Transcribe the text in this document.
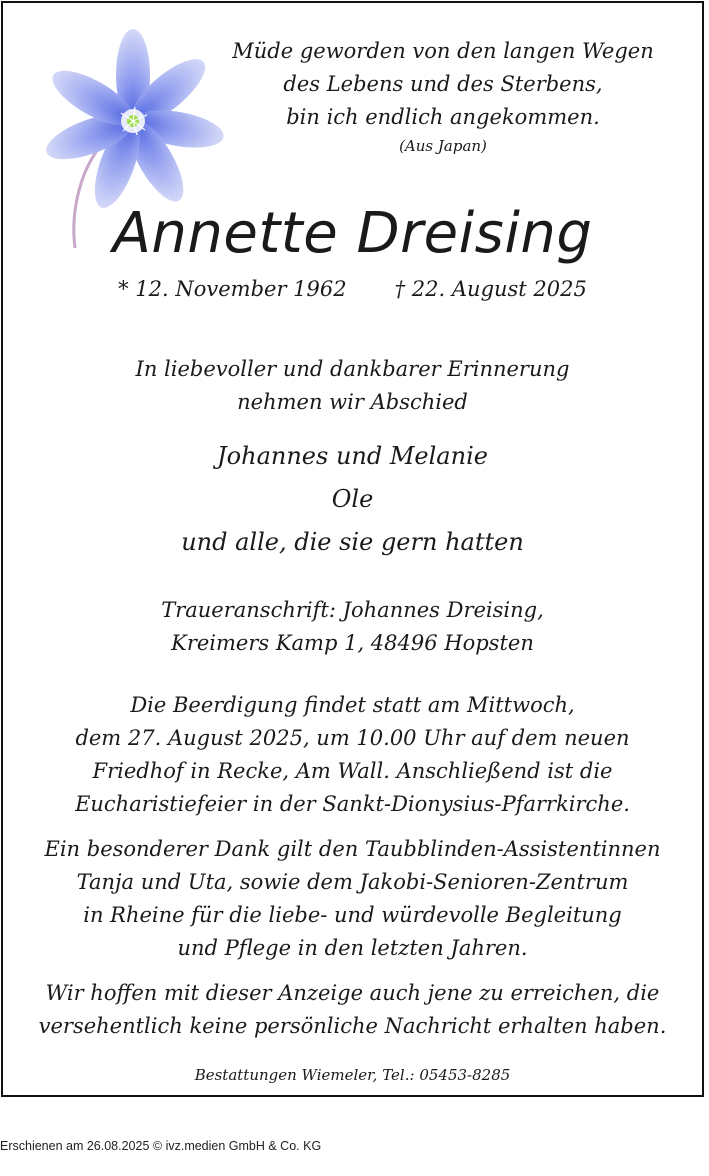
Müde geworden von den langen Wegen
des Lebens und des Sterbens,
bin ich endlich angekommen.
(Aus Japan)
Annette Dreising
* 12. November 1962 † 22. August 2025
In liebevoller und dankbarer Erinnerung
nehmen wir Abschied
Johannes und Melanie
Ole
und alle, die sie gern hatten
Traueranschrift: Johannes Dreising,
Kreimers Kamp 1, 48496 Hopsten
Die Beerdigung findet statt am Mittwoch,
dem 27. August 2025, um 10.00 Uhr auf dem neuen
Friedhof in Recke, Am Wall. Anschließend ist die
Eucharistiefeier in der Sankt-Dionysius-Pfarrkirche.
Ein besonderer Dank gilt den Taubblinden-Assistentinnen
Tanja und Uta, sowie dem Jakobi-Senioren-Zentrum
in Rheine für die liebe- und würdevolle Begleitung
und Pflege in den letzten Jahren.
Wir hoffen mit dieser Anzeige auch jene zu erreichen, die
versehentlich keine persönliche Nachricht erhalten haben.
Bestattungen Wiemeler, Tel.: 05453-8285
Erschienen am 26.08.2025 © ivz.medien GmbH & Co. KG
